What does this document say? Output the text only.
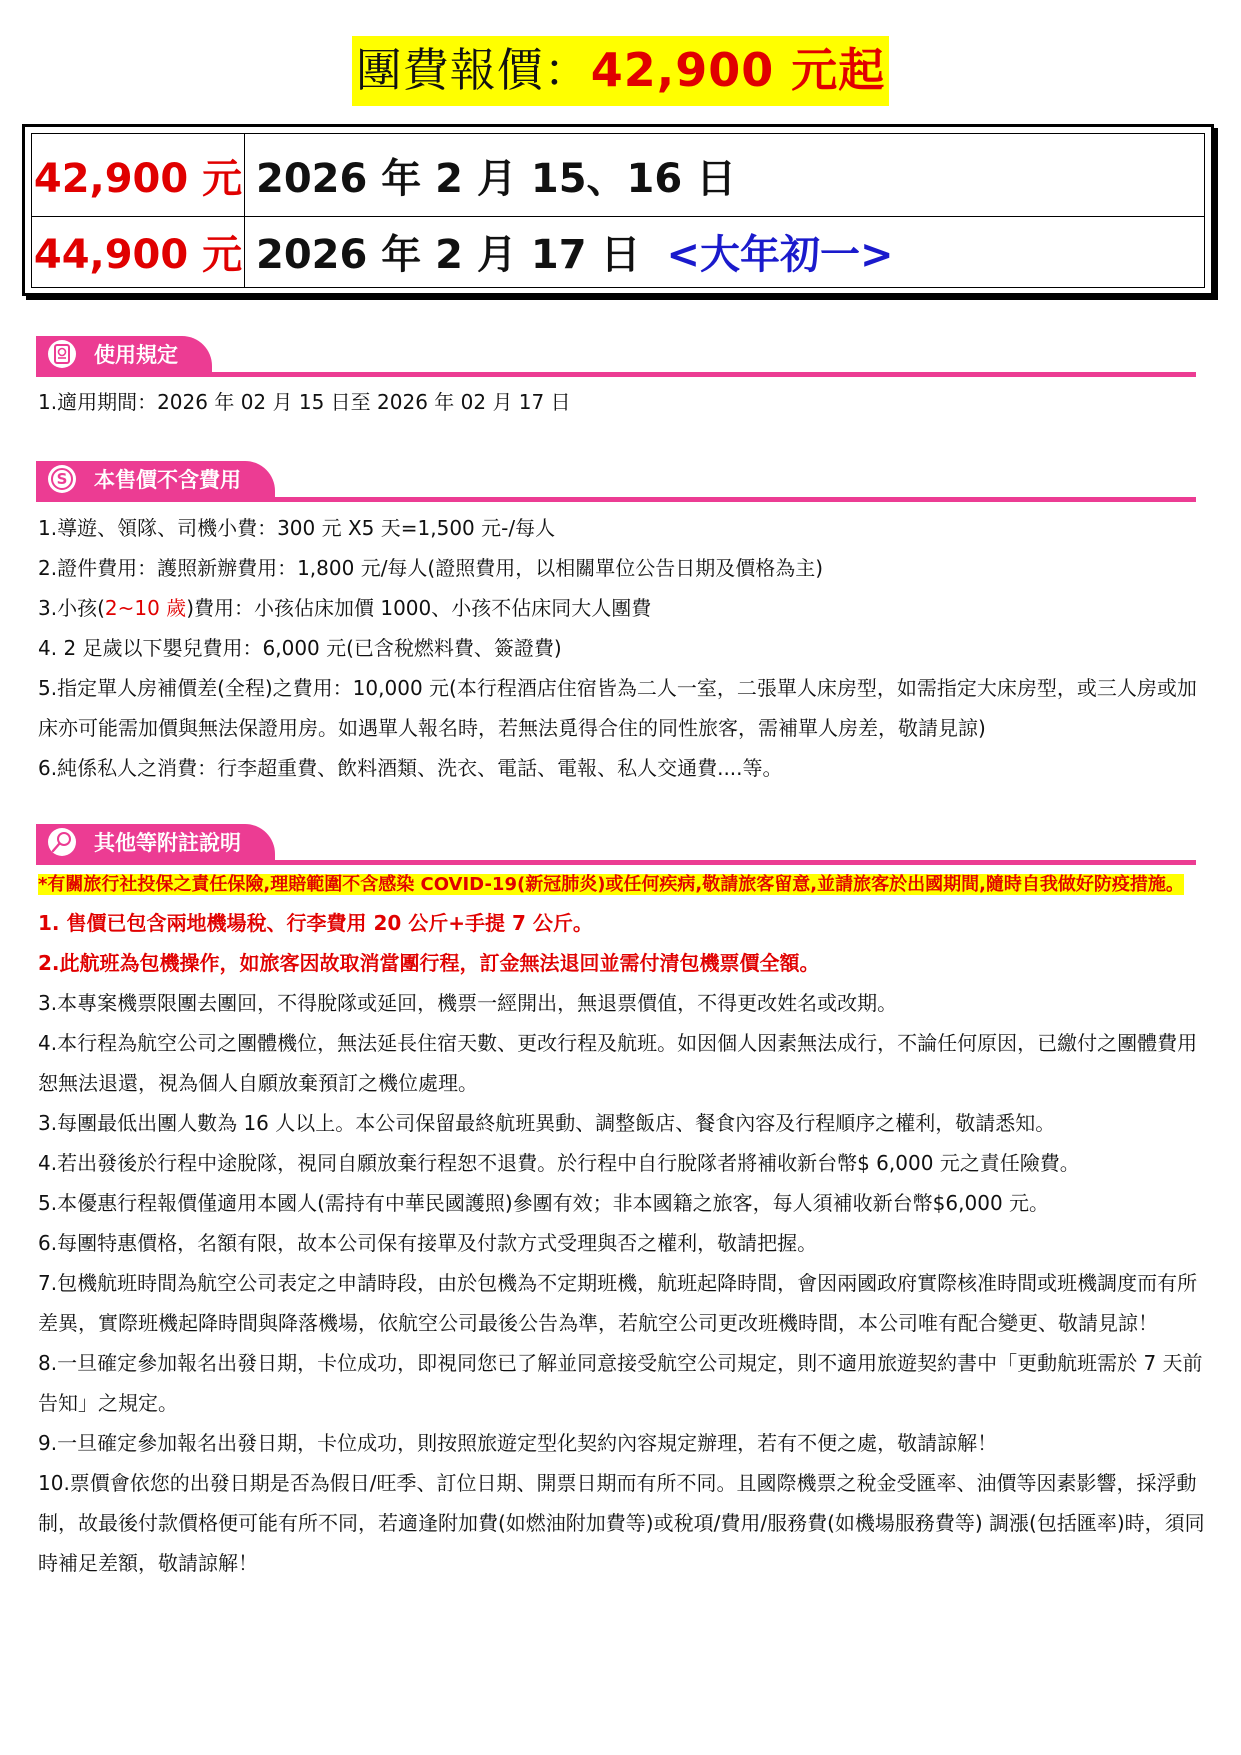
團費報價：42,900 元起
42,900 元 2026 年 2 月 15、16 日
44,900 元 2026 年 2 月 17 日 <大年初一>
使用規定

1.適用期間：2026 年 02 月 15 日至 2026 年 02 月 17 日

S 本售價不含費用

1.導遊、領隊、司機小費：300 元 X5 天=1,500 元-/每人

2.證件費用：護照新辦費用：1,800 元/每人(證照費用，以相關單位公告日期及價格為主)

3.小孩(2~10 歲)費用：小孩佔床加價 1000、小孩不佔床同大人團費

4. 2 足歲以下嬰兒費用：6,000 元(已含稅燃料費、簽證費)

5.指定單人房補價差(全程)之費用：10,000 元(本行程酒店住宿皆為二人一室，二張單人床房型，如需指定大床房型，或三人房或加床亦可能需加價與無法保證用房。如遇單人報名時，若無法覓得合住的同性旅客，需補單人房差，敬請見諒)

6.純係私人之消費：行李超重費、飲料酒類、洗衣、電話、電報、私人交通費....等。

其他等附註說明

*有關旅行社投保之責任保險,理賠範圍不含感染 COVID-19(新冠肺炎)或任何疾病,敬請旅客留意,並請旅客於出國期間,隨時自我做好防疫措施。

1. 售價已包含兩地機場稅、行李費用 20 公斤+手提 7 公斤。

2.此航班為包機操作，如旅客因故取消當團行程，訂金無法退回並需付清包機票價全額。

3.本專案機票限團去團回，不得脫隊或延回，機票一經開出，無退票價值，不得更改姓名或改期。

4.本行程為航空公司之團體機位，無法延長住宿天數、更改行程及航班。如因個人因素無法成行，不論任何原因，已繳付之團體費用恕無法退還，視為個人自願放棄預訂之機位處理。

3.每團最低出團人數為 16 人以上。本公司保留最終航班異動、調整飯店、餐食內容及行程順序之權利，敬請悉知。

4.若出發後於行程中途脫隊，視同自願放棄行程恕不退費。於行程中自行脫隊者將補收新台幣$ 6,000 元之責任險費。

5.本優惠行程報價僅適用本國人(需持有中華民國護照)參團有效；非本國籍之旅客，每人須補收新台幣$6,000 元。

6.每團特惠價格，名額有限，故本公司保有接單及付款方式受理與否之權利，敬請把握。

7.包機航班時間為航空公司表定之申請時段，由於包機為不定期班機，航班起降時間，會因兩國政府實際核准時間或班機調度而有所差異，實際班機起降時間與降落機場，依航空公司最後公告為準，若航空公司更改班機時間，本公司唯有配合變更、敬請見諒！

8.一旦確定參加報名出發日期，卡位成功，即視同您已了解並同意接受航空公司規定，則不適用旅遊契約書中「更動航班需於 7 天前告知」之規定。

9.一旦確定參加報名出發日期，卡位成功，則按照旅遊定型化契約內容規定辦理，若有不便之處，敬請諒解！

10.票價會依您的出發日期是否為假日/旺季、訂位日期、開票日期而有所不同。且國際機票之稅金受匯率、油價等因素影響，採浮動制，故最後付款價格便可能有所不同，若適逢附加費(如燃油附加費等)或稅項/費用/服務費(如機場服務費等) 調漲(包括匯率)時，須同時補足差額，敬請諒解！
